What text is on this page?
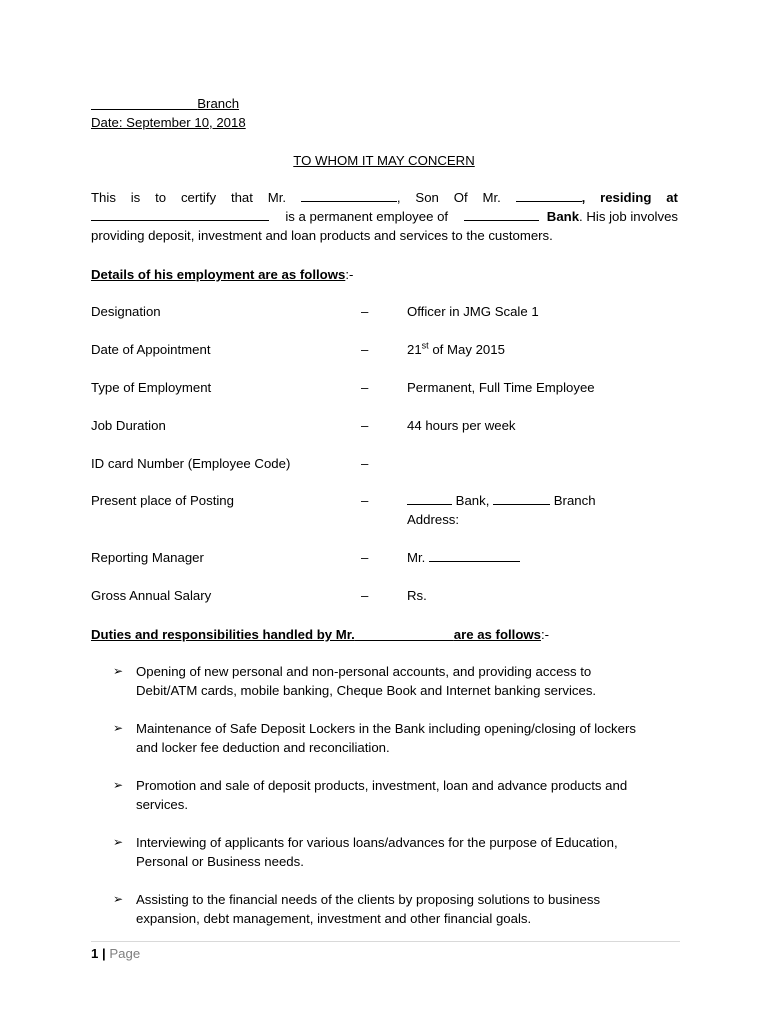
Branch
Date: September 10, 2018
TO WHOM IT MAY CONCERN
This is to certify that Mr.	, Son Of Mr.	, residing at
is a permanent employee of	Bank. His job involves
providing deposit, investment and loan products and services to the customers.
Details of his employment are as follows:-
Designation	–	Officer in JMG Scale 1
Date of Appointment	–	21st of May 2015
Type of Employment	–	Permanent, Full Time Employee
Job Duration	–	44 hours per week
ID card Number (Employee Code)	–
Present place of Posting	–	Bank,	Branch
Address:
Reporting Manager	–	Mr.
Gross Annual Salary	–	Rs.
Duties and responsibilities handled by Mr.	are as follows:-
➢ Opening of new personal and non-personal accounts, and providing access to
Debit/ATM cards, mobile banking, Cheque Book and Internet banking services.
➢ Maintenance of Safe Deposit Lockers in the Bank including opening/closing of lockers
and locker fee deduction and reconciliation.
➢ Promotion and sale of deposit products, investment, loan and advance products and
services.
➢ Interviewing of applicants for various loans/advances for the purpose of Education,
Personal or Business needs.
➢ Assisting to the financial needs of the clients by proposing solutions to business
expansion, debt management, investment and other financial goals.
1 | Page
